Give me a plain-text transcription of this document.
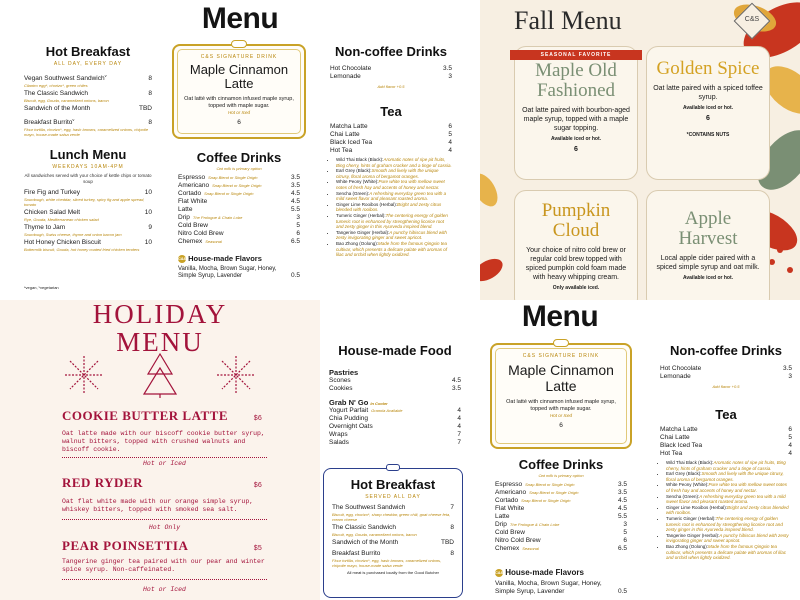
Menu
Hot Breakfast
ALL DAY, EVERY DAY
Vegan Southwest Sandwich$^v$	8
Cilantro egg*, chorizo*, green chiles
The Classic Sandwich	8
Biscuit, egg, Gouda, caramelized onions, bacon
Sandwich of the Month	TBD
Breakfast Burrito$^v$	8
Flour tortilla, chorizo*, egg, hash browns, caramelized onions, chipotle mayo, house-made salsa verde
Lunch Menu
WEEKDAYS 10AM-4PM
All sandwiches served with your choice of kettle chips or tomato soup
Fire Fig and Turkey	10
Sourdough, white cheddar, sliced turkey, spicy fig and apple spread, tomato
Chicken Salad Melt	10
Rye, Gouda, Mediterranean chicken salad
Thyme to Jam	9
Sourdough, Swiss cheese, thyme and onion bacon jam
Hot Honey Chicken Biscuit	10
Buttermilk biscuit, Gouda, hot honey coated fried chicken tenders
*vegan, ᵛvegetarian
C&S SIGNATURE DRINK
Maple Cinnamon Latte
Oat latté with cinnamon infused maple syrup, topped with maple sugar.
Hot or Iced
6
Coffee Drinks
Oat milk is primary option
Espresso Snap Blend or Single Origin	3.5
Americano Snap Blend or Single Origin	3.5
Cortado Snap Blend or Single Origin	4.5
Flat White	4.5
Latte	5.5
Drip The Prologue & Chain Lobe	3
Cold Brew	5
Nitro Cold Brew	6
Chemex Seasonal	6.5
C&S House-made Flavors
Vanilla, Mocha, Brown Sugar, Honey, Simple Syrup, Lavender	0.5
Non-coffee Drinks
Hot Chocolate	3.5
Lemonade	3
Add flavor +0.5
Tea
Matcha Latte	6
Chai Latte	5
Black Iced Tea	4
Hot Tea	4
• Wild Thai Black (Black):Aromatic notes of ripe pit fruits, Bing cherry, hints of graham cracker and a tinge of cassia.
• Earl Grey (Black):Smooth and lively with the unique citrusy, floral aroma of bergamot oranges.
• White Peony (White):Pure white tea with mellow sweet notes of fresh hay and accents of honey and nectar.
• Sencha (Green):A refreshing everyday green tea with a mild sweet flavor and pleasant roasted aroma.
• Ginger Lime Rooibos (Herbal):Bright and zesty citrus blended with rooibos.
• Tumeric Ginger (Herbal):The centering energy of golden tumeric root is enhanced by strengthening licorice root and zesty ginger in this Ayurveda inspired blend.
• Tangerine Ginger (Herbal):A punchy hibiscus blend with zesty invigorating ginger and sweet apricot.
• Bao Zhong (Oolong):Made from the famous Qingxin tea cultivar, which presents a delicate palate with aromas of lilac and orchid when lightly oxidized.
Fall Menu	C&S
Maple Old Fashioned
Oat latte paired with bourbon-aged maple syrup, topped with a maple sugar topping.
Available iced or hot.
6
SEASONAL FAVORITE
Golden Spice
Oat latte paired with a spiced toffee syrup.
Available iced or hot.
6
*CONTAINS NUTS
Pumpkin Cloud
Your choice of nitro cold brew or regular cold brew topped with spiced pumpkin cold foam made with heavy whipping cream.
Only available iced.
Apple Harvest
Local apple cider paired with a spiced simple syrup and oat milk.
Available iced or hot.
HOLIDAY
MENU
COOKIE BUTTER LATTE	$6
Oat latte made with our biscoff cookie butter syrup, walnut bitters, topped with crushed walnuts and biscoff cookie.
Hot or Iced
RED RYDER	$6
Oat flat white made with our orange simple syrup, whiskey bitters, topped with smoked sea salt.
Hot Only
PEAR POINSETTIA	$5
Tangerine ginger tea paired with our pear and winter spice syrup. Non-caffeinated.
Hot or Iced
Menu
House-made Food
Pastries
Scones	4.5
Cookies	3.5
Grab N' Go In Cooler
Yogurt Parfait Granola Available	4
Chia Pudding	4
Overnight Oats	4
Wraps	7
Salads	7
Hot Breakfast
SERVED ALL DAY
The Southwest Sandwich	7
Biscuit, egg, chorizo*, sharp cheddar, green chili, goat cheese feta, cream cheese
The Classic Sandwich	8
Biscuit, egg, Gouda, caramelized onions, bacon
Sandwich of the Month	TBD
Breakfast Burrito	8
Flour tortilla, chorizo*, egg, hash browns, caramelized onions, chipotle mayo, house-made salsa verde
All meat is purchased locally from the Good Butcher
C&S SIGNATURE DRINK
Maple Cinnamon Latte
Oat latté with cinnamon infused maple syrup, topped with maple sugar.
Hot or Iced
6
Coffee Drinks
Oat milk is primary option
Espresso Snap Blend or Single Origin	3.5
Americano Snap Blend or Single Origin	3.5
Cortado Snap Blend or Single Origin	4.5
Flat White	4.5
Latte	5.5
Drip The Prologue & Chain Lobe	3
Cold Brew	5
Nitro Cold Brew	6
Chemex Seasonal	6.5
C&S House-made Flavors
Vanilla, Mocha, Brown Sugar, Honey, Simple Syrup, Lavender	0.5
Non-coffee Drinks
Hot Chocolate	3.5
Lemonade	3
Add flavor +0.5
Tea
Matcha Latte	6
Chai Latte	5
Black Iced Tea	4
Hot Tea	4
• Wild Thai Black (Black):Aromatic notes of ripe pit fruits, Bing cherry, hints of graham cracker and a tinge of cassia.
• Earl Grey (Black):Smooth and lively with the unique citrusy, floral aroma of bergamot oranges.
• White Peony (White):Pure white tea with mellow sweet notes of fresh hay and accents of honey and nectar.
• Sencha (Green):A refreshing everyday green tea with a mild sweet flavor and pleasant roasted aroma.
• Ginger Lime Rooibos (Herbal):Bright and zesty citrus blended with rooibos.
• Tumeric Ginger (Herbal):The centering energy of golden tumeric root is enhanced by strengthening licorice root and zesty ginger in this Ayurveda inspired blend.
• Tangerine Ginger (Herbal):A punchy hibiscus blend with zesty invigorating ginger and sweet apricot.
• Bao Zhong (Oolong):Made from the famous Qingxin tea cultivar, which presents a delicate palate with aromas of lilac and orchid when lightly oxidized.
